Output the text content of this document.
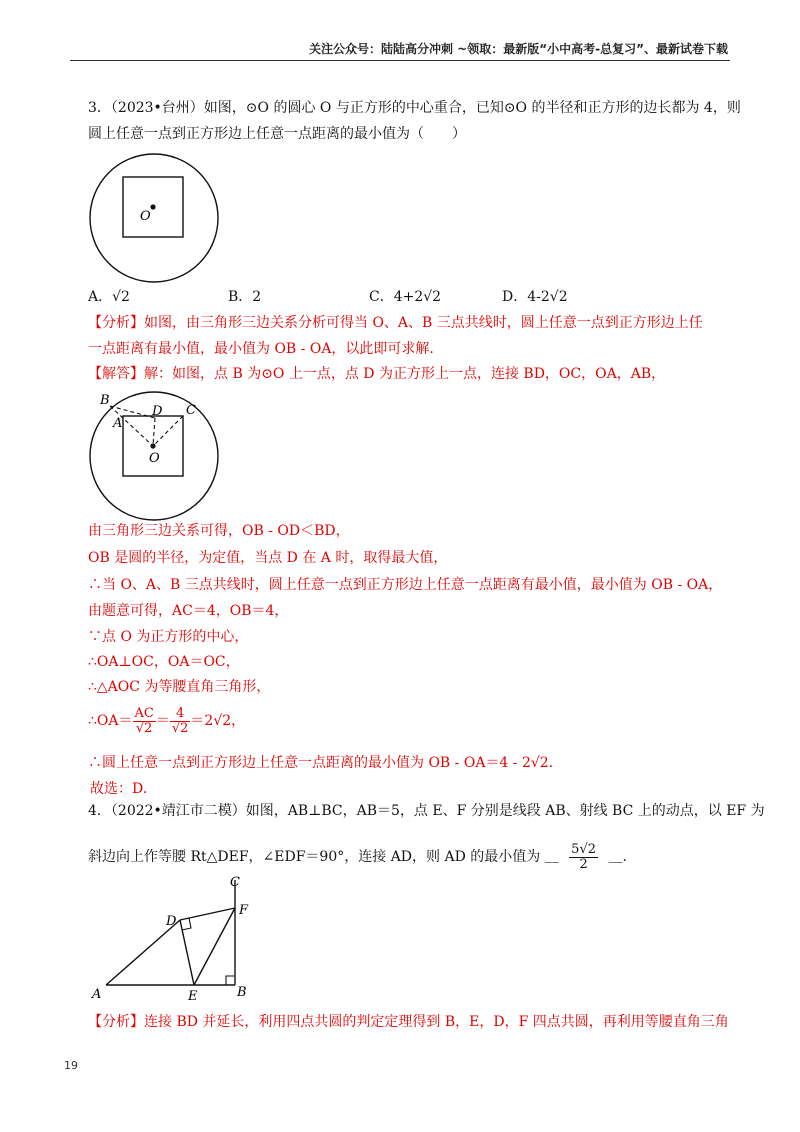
关注公众号：陆陆高分冲刺 ~领取：最新版“小中高考-总复习”、最新试卷下载
3．（2023•台州）如图，⊙O 的圆心 O 与正方形的中心重合，已知⊙O 的半径和正方形的边长都为 4，则
圆上任意一点到正方形边上任意一点距离的最小值为（　　）
O
A．√2	B．2	C．4+2√2	D．4-2√2
【分析】如图，由三角形三边关系分析可得当 O、A、B 三点共线时，圆上任意一点到正方形边上任
一点距离有最小值，最小值为 OB - OA，以此即可求解.
【解答】解：如图，点 B 为⊙O 上一点，点 D 为正方形上一点，连接 BD，OC，OA，AB，
B
D C
A
O
由三角形三边关系可得，OB - OD＜BD，
OB 是圆的半径，为定值，当点 D 在 A 时，取得最大值，
∴当 O、A、B 三点共线时，圆上任意一点到正方形边上任意一点距离有最小值，最小值为 OB - OA，
由题意可得，AC＝4，OB＝4，
∵点 O 为正方形的中心，
∴OA⊥OC，OA＝OC，
∴△AOC 为等腰直角三角形，
∴OA＝ $\frac{AC}{√2} = \frac{4}{√2} =2√2$，
∴圆上任意一点到正方形边上任意一点距离的最小值为 OB - OA＝4 - 2√2.
故选：D.
4．（2022•靖江市二模）如图，AB⊥BC，AB＝5，点 E、F 分别是线段 AB、射线 BC 上的动点，以 EF 为
斜边向上作等腰 Rt△DEF，∠EDF＝90°，连接 AD，则 AD 的最小值为 ＿ $\frac{5√2}{2}$ ＿.
C
D
F
A	E	B
【分析】连接 BD 并延长，利用四点共圆的判定定理得到 B，E，D，F 四点共圆，再利用等腰直角三角
19
